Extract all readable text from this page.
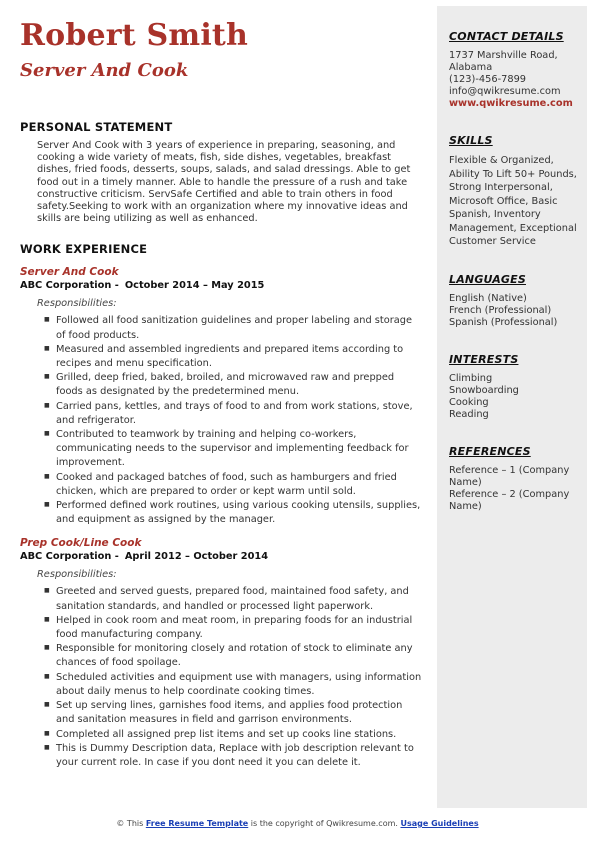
Robert Smith
Server And Cook
PERSONAL STATEMENT

Server And Cook with 3 years of experience in preparing, seasoning, and cooking a wide variety of meats, fish, side dishes, vegetables, breakfast dishes, fried foods, desserts, soups, salads, and salad dressings. Able to get food out in a timely manner. Able to handle the pressure of a rush and take constructive criticism. ServSafe Certified and able to train others in food safety.Seeking to work with an organization where my innovative ideas and skills are being utilizing as well as enhanced.

WORK EXPERIENCE
Server And Cook
ABC Corporation - October 2014 – May 2015
Responsibilities:
■ Followed all food sanitization guidelines and proper labeling and storage of food products.
■ Measured and assembled ingredients and prepared items according to recipes and menu specification.
■ Grilled, deep fried, baked, broiled, and microwaved raw and prepped foods as designated by the predetermined menu.
■ Carried pans, kettles, and trays of food to and from work stations, stove, and refrigerator.
■ Contributed to teamwork by training and helping co-workers, communicating needs to the supervisor and implementing feedback for improvement.
■ Cooked and packaged batches of food, such as hamburgers and fried chicken, which are prepared to order or kept warm until sold.
■ Performed defined work routines, using various cooking utensils, supplies, and equipment as assigned by the manager.
Prep Cook/Line Cook
ABC Corporation - April 2012 – October 2014
Responsibilities:
■ Greeted and served guests, prepared food, maintained food safety, and sanitation standards, and handled or processed light paperwork.
■ Helped in cook room and meat room, in preparing foods for an industrial food manufacturing company.
■ Responsible for monitoring closely and rotation of stock to eliminate any chances of food spoilage.
■ Scheduled activities and equipment use with managers, using information about daily menus to help coordinate cooking times.
■ Set up serving lines, garnishes food items, and applies food protection and sanitation measures in field and garrison environments.
■ Completed all assigned prep list items and set up cooks line stations.
■ This is Dummy Description data, Replace with job description relevant to your current role. In case if you dont need it you can delete it.
CONTACT DETAILS
1737 Marshville Road,
Alabama
(123)-456-7899
info@qwikresume.com
www.qwikresume.com
SKILLS
Flexible & Organized, Ability To Lift 50+ Pounds, Strong Interpersonal, Microsoft Office, Basic Spanish, Inventory Management, Exceptional Customer Service
LANGUAGES
English (Native)
French (Professional)
Spanish (Professional)
INTERESTS
Climbing
Snowboarding
Cooking
Reading
REFERENCES
Reference – 1 (Company Name)
Reference – 2 (Company Name)
© This Free Resume Template is the copyright of Qwikresume.com. Usage Guidelines
